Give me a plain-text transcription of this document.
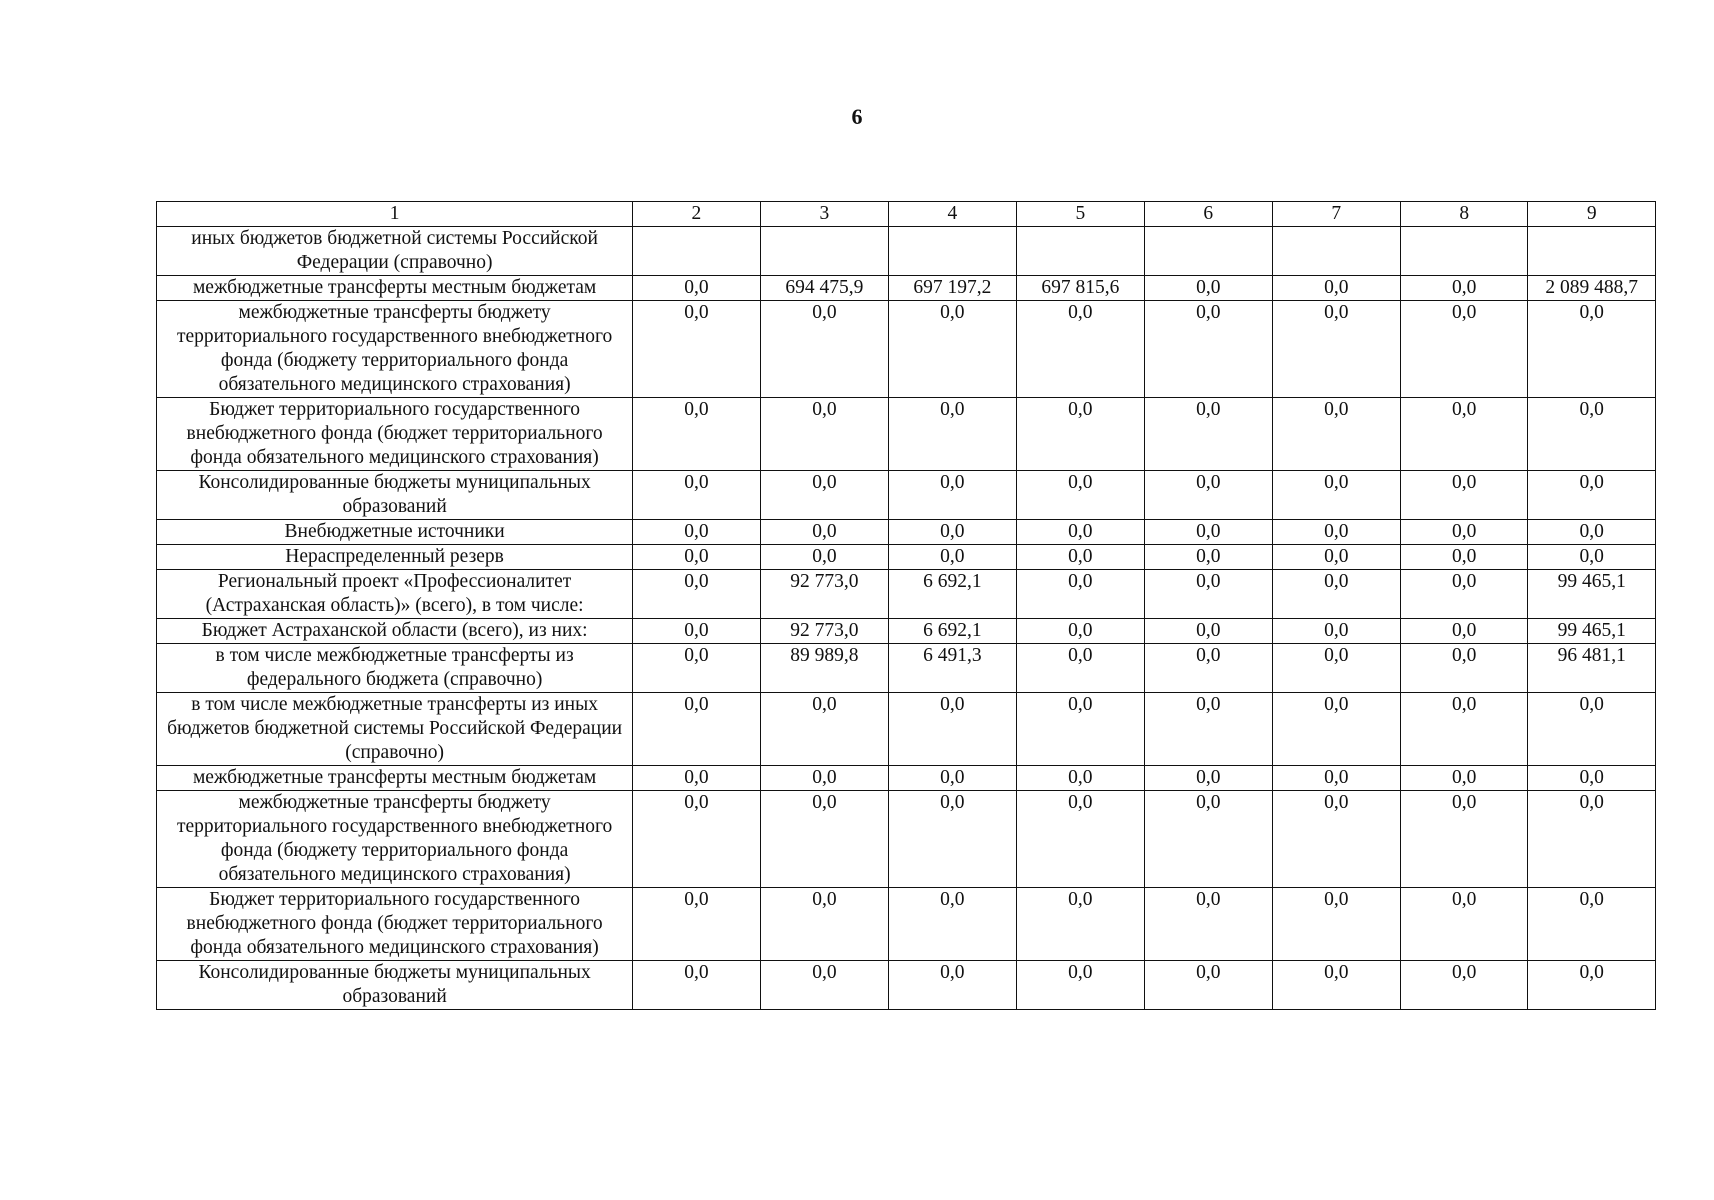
6
1	2	3	4	5	6	7	8	9
иных бюджетов бюджетной системы Российской Федерации (справочно)								
межбюджетные трансферты местным бюджетам	0,0	694 475,9	697 197,2	697 815,6	0,0	0,0	0,0	2 089 488,7
межбюджетные трансферты бюджету территориального государственного внебюджетного фонда (бюджету территориального фонда обязательного медицинского страхования)	0,0	0,0	0,0	0,0	0,0	0,0	0,0	0,0
Бюджет территориального государственного внебюджетного фонда (бюджет территориального фонда обязательного медицинского страхования)	0,0	0,0	0,0	0,0	0,0	0,0	0,0	0,0
Консолидированные бюджеты муниципальных образований	0,0	0,0	0,0	0,0	0,0	0,0	0,0	0,0
Внебюджетные источники	0,0	0,0	0,0	0,0	0,0	0,0	0,0	0,0
Нераспределенный резерв	0,0	0,0	0,0	0,0	0,0	0,0	0,0	0,0
Региональный проект «Профессионалитет (Астраханская область)» (всего), в том числе:	0,0	92 773,0	6 692,1	0,0	0,0	0,0	0,0	99 465,1
Бюджет Астраханской области (всего), из них:	0,0	92 773,0	6 692,1	0,0	0,0	0,0	0,0	99 465,1
в том числе межбюджетные трансферты из федерального бюджета (справочно)	0,0	89 989,8	6 491,3	0,0	0,0	0,0	0,0	96 481,1
в том числе межбюджетные трансферты из иных бюджетов бюджетной системы Российской Федерации (справочно)	0,0	0,0	0,0	0,0	0,0	0,0	0,0	0,0
межбюджетные трансферты местным бюджетам	0,0	0,0	0,0	0,0	0,0	0,0	0,0	0,0
межбюджетные трансферты бюджету территориального государственного внебюджетного фонда (бюджету территориального фонда обязательного медицинского страхования)	0,0	0,0	0,0	0,0	0,0	0,0	0,0	0,0
Бюджет территориального государственного внебюджетного фонда (бюджет территориального фонда обязательного медицинского страхования)	0,0	0,0	0,0	0,0	0,0	0,0	0,0	0,0
Консолидированные бюджеты муниципальных образований	0,0	0,0	0,0	0,0	0,0	0,0	0,0	0,0
